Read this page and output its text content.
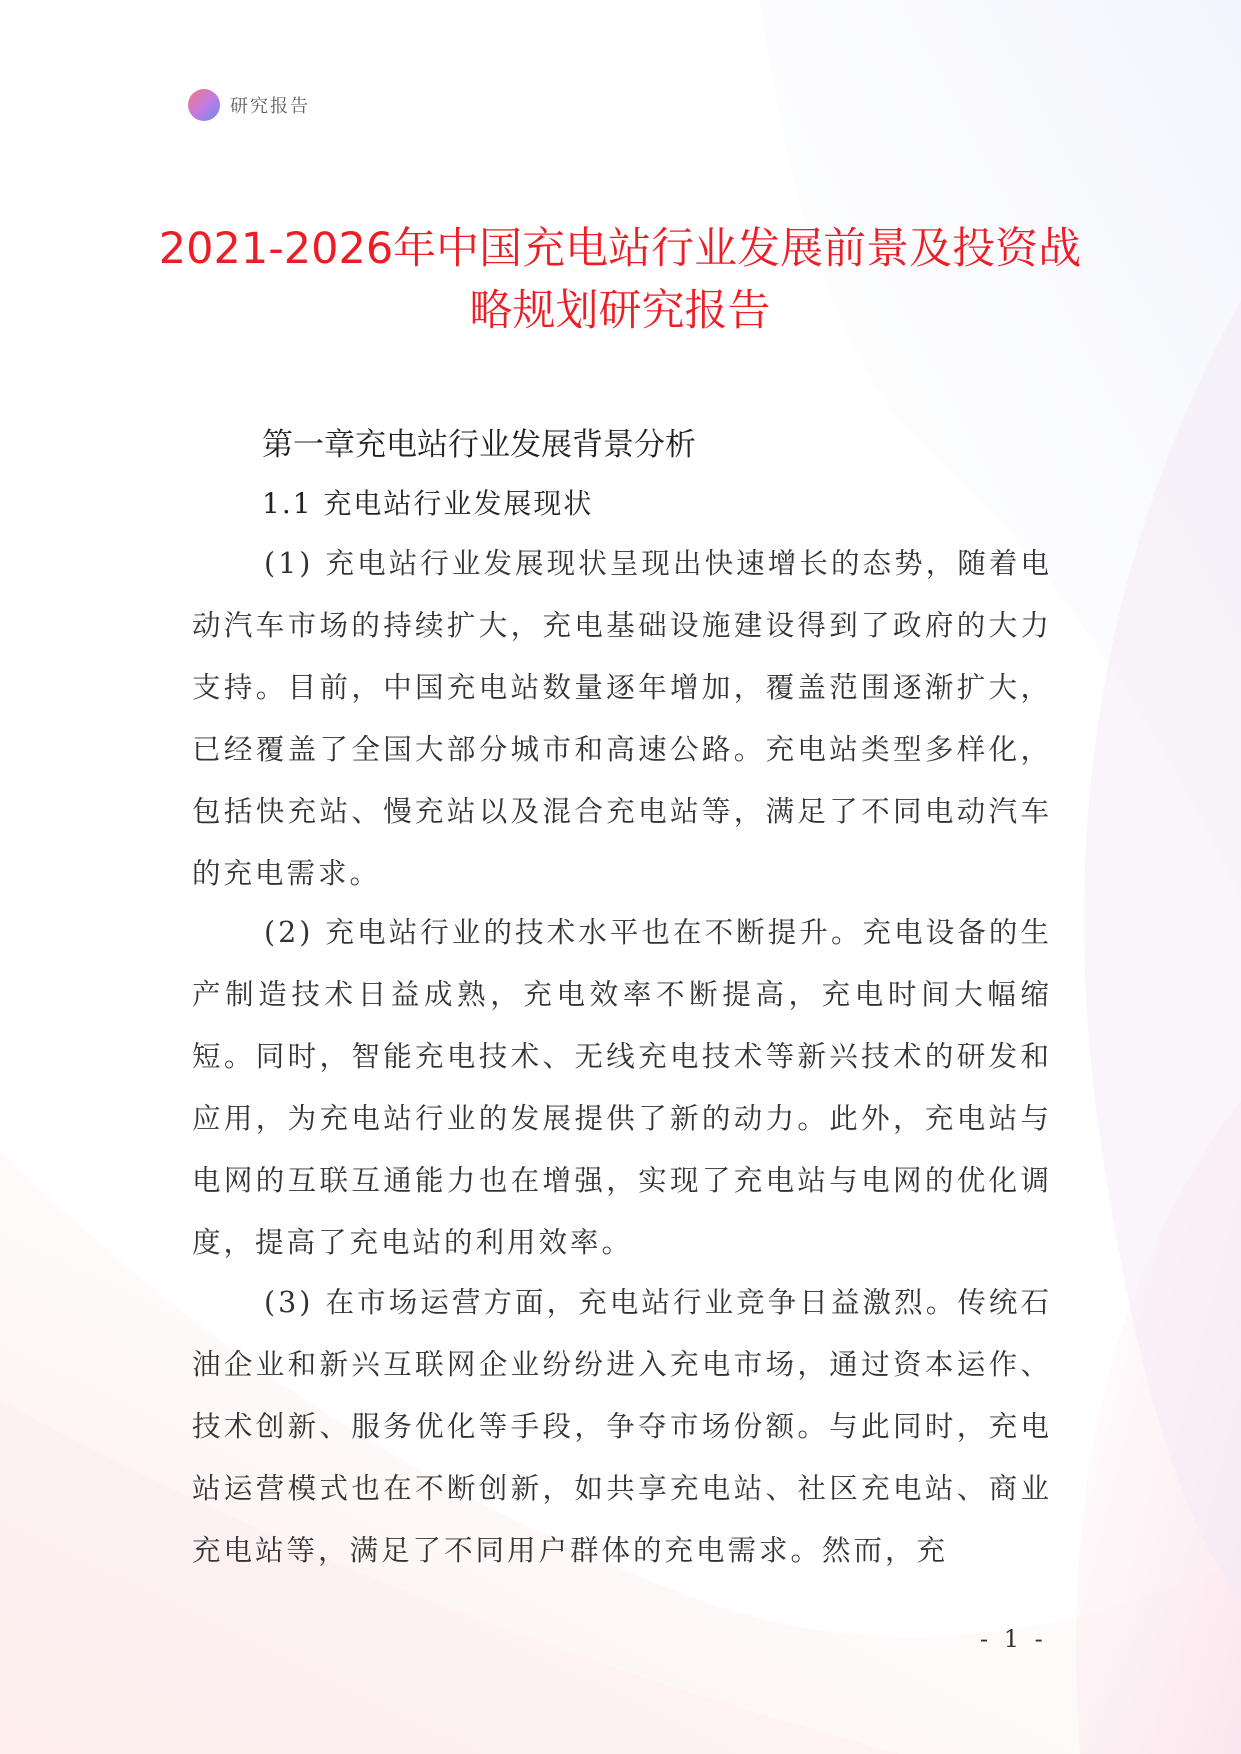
研究报告
2021-2026年中国充电站行业发展前景及投资战略规划研究报告
第一章充电站行业发展背景分析
1.1 充电站行业发展现状

(1) 充电站行业发展现状呈现出快速增长的态势，随着电动汽车市场的持续扩大，充电基础设施建设得到了政府的大力支持。目前，中国充电站数量逐年增加，覆盖范围逐渐扩大，已经覆盖了全国大部分城市和高速公路。充电站类型多样化，包括快充站、慢充站以及混合充电站等，满足了不同电动汽车的充电需求。

(2) 充电站行业的技术水平也在不断提升。充电设备的生产制造技术日益成熟，充电效率不断提高，充电时间大幅缩短。同时，智能充电技术、无线充电技术等新兴技术的研发和应用，为充电站行业的发展提供了新的动力。此外，充电站与电网的互联互通能力也在增强，实现了充电站与电网的优化调度，提高了充电站的利用效率。

(3) 在市场运营方面，充电站行业竞争日益激烈。传统石油企业和新兴互联网企业纷纷进入充电市场，通过资本运作、技术创新、服务优化等手段，争夺市场份额。与此同时，充电站运营模式也在不断创新，如共享充电站、社区充电站、商业充电站等，满足了不同用户群体的充电需求。然而，充

- 1 -
